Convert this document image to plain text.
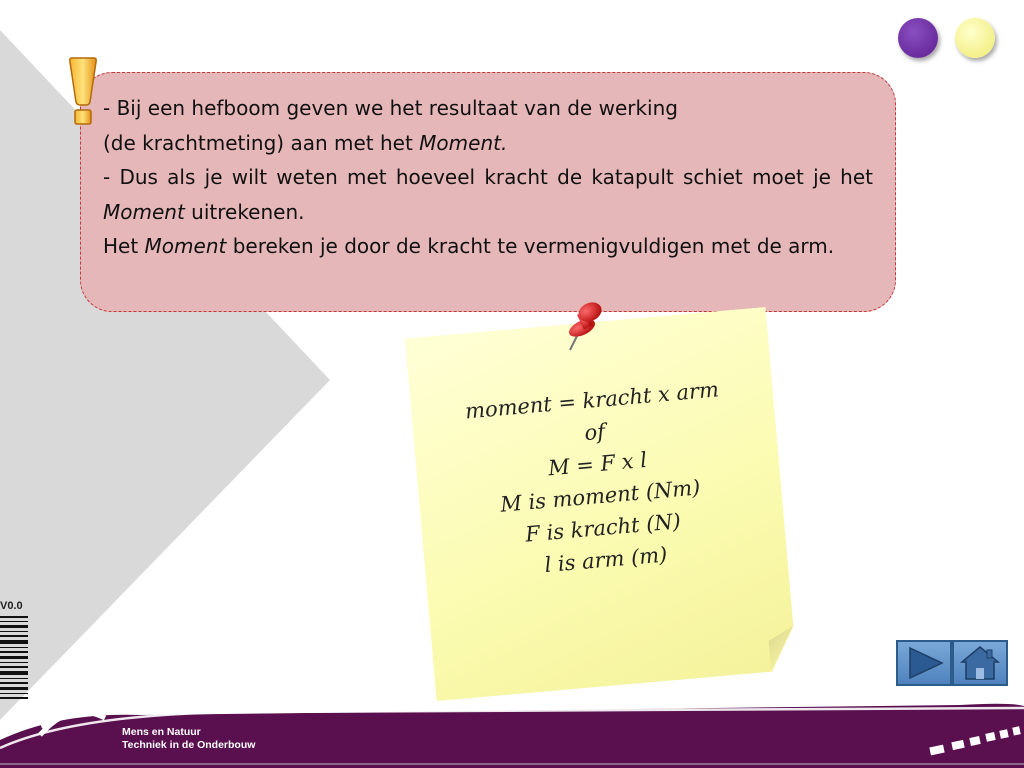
- Bij een hefboom geven we het resultaat van de werking

(de krachtmeting) aan met het Moment.

- Dus als je wilt weten met hoeveel kracht de katapult schiet moet je het Moment uitrekenen.

Het Moment bereken je door de kracht te vermenigvuldigen met de arm.

moment = kracht x arm
of
M = F x l
M is moment (Nm)
F is kracht (N)
l is arm (m)
V0.0
Mens en Natuur
Techniek in de Onderbouw
